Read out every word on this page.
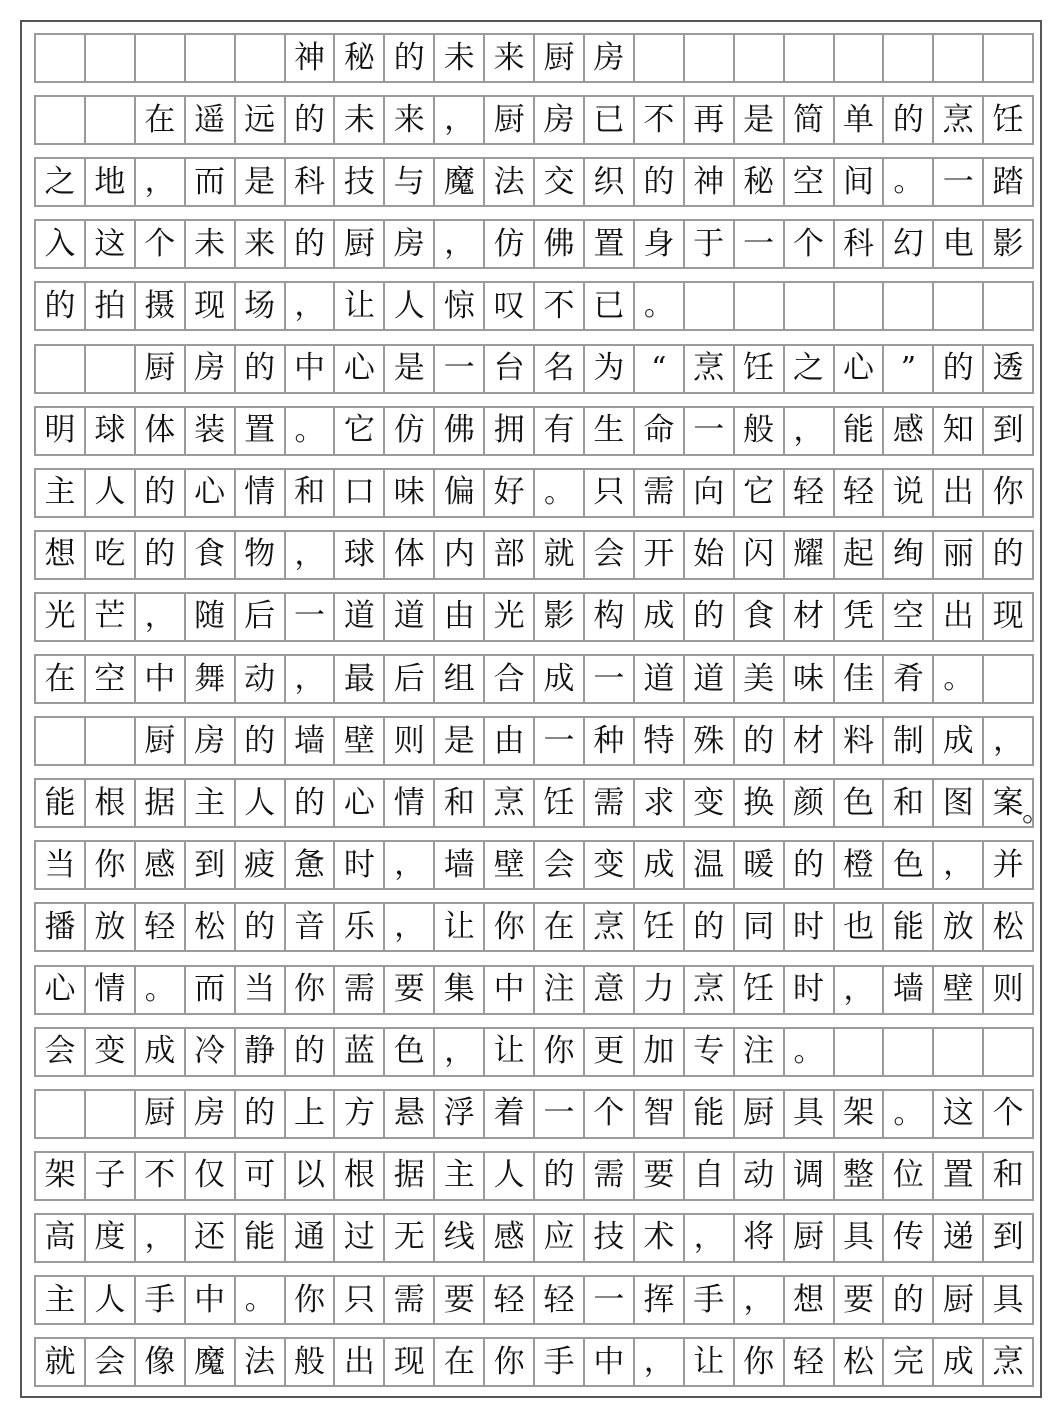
神 秘 的 未 来 厨 房
在 遥 远 的 未 来 ， 厨 房 已 不 再 是 简 单 的 烹 饪
之 地 ， 而 是 科 技 与 魔 法 交 织 的 神 秘 空 间 。 一 踏
入 这 个 未 来 的 厨 房 ， 仿 佛 置 身 于 一 个 科 幻 电 影
的 拍 摄 现 场 ， 让 人 惊 叹 不 已 。
厨 房 的 中 心 是 一 台 名 为 “ 烹 饪 之 心 ” 的 透
明 球 体 装 置 。 它 仿 佛 拥 有 生 命 一 般 ， 能 感 知 到
主 人 的 心 情 和 口 味 偏 好 。 只 需 向 它 轻 轻 说 出 你
想 吃 的 食 物 ， 球 体 内 部 就 会 开 始 闪 耀 起 绚 丽 的
光 芒 ， 随 后 一 道 道 由 光 影 构 成 的 食 材 凭 空 出 现
在 空 中 舞 动 ， 最 后 组 合 成 一 道 道 美 味 佳 肴 。
厨 房 的 墙 壁 则 是 由 一 种 特 殊 的 材 料 制 成 ，
能 根 据 主 人 的 心 情 和 烹 饪 需 求 变 换 颜 色 和 图 案
。
当 你 感 到 疲 惫 时 ， 墙 壁 会 变 成 温 暖 的 橙 色 ， 并
播 放 轻 松 的 音 乐 ， 让 你 在 烹 饪 的 同 时 也 能 放 松
心 情 。 而 当 你 需 要 集 中 注 意 力 烹 饪 时 ， 墙 壁 则
会 变 成 冷 静 的 蓝 色 ， 让 你 更 加 专 注 。
厨 房 的 上 方 悬 浮 着 一 个 智 能 厨 具 架 。 这 个
架 子 不 仅 可 以 根 据 主 人 的 需 要 自 动 调 整 位 置 和
高 度 ， 还 能 通 过 无 线 感 应 技 术 ， 将 厨 具 传 递 到
主 人 手 中 。 你 只 需 要 轻 轻 一 挥 手 ， 想 要 的 厨 具
就 会 像 魔 法 般 出 现 在 你 手 中 ， 让 你 轻 松 完 成 烹
